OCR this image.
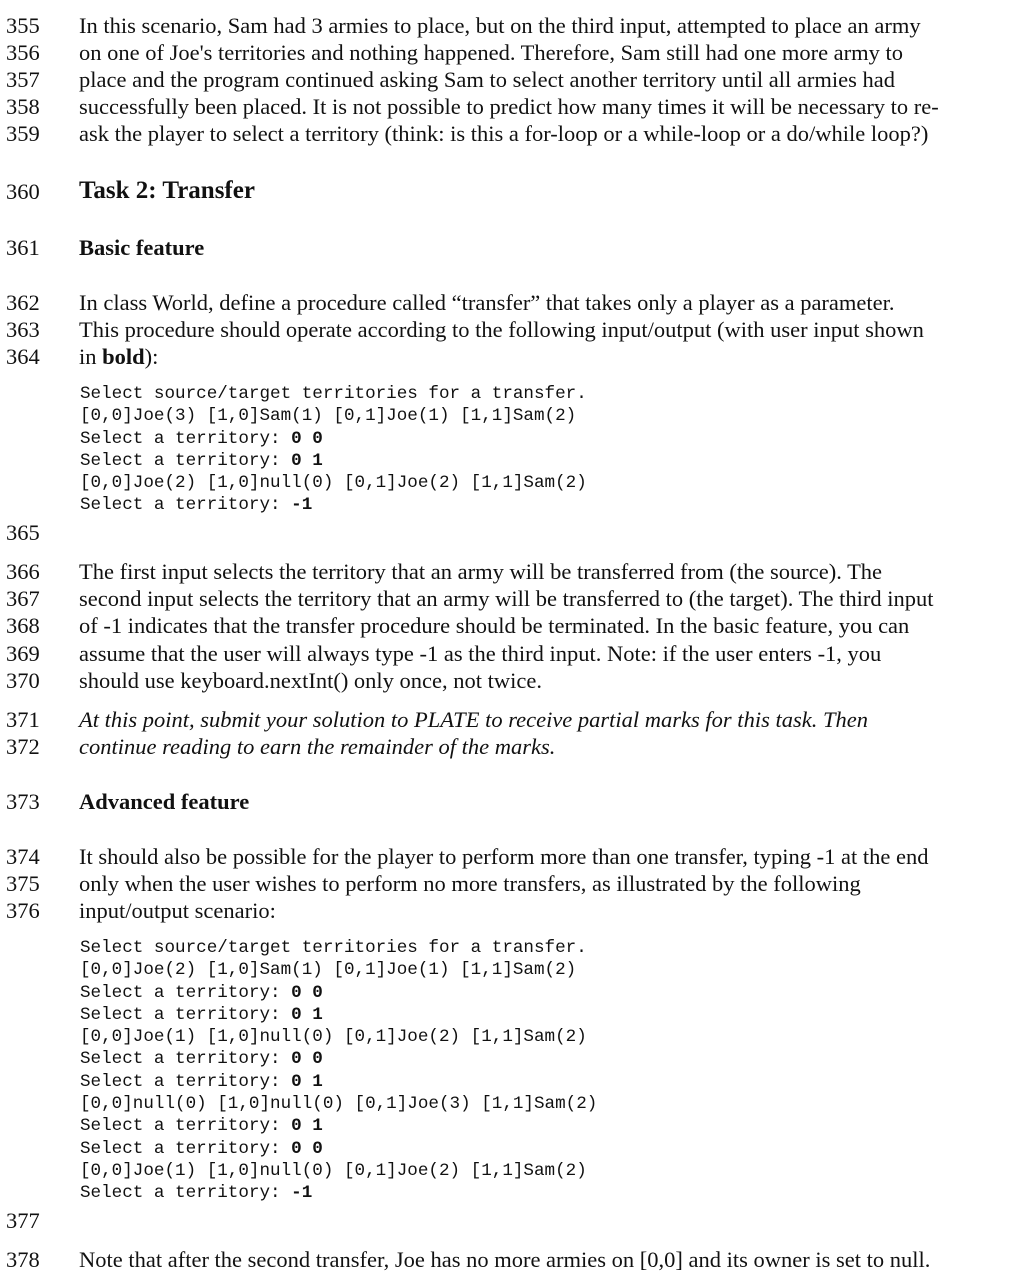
355 In this scenario, Sam had 3 armies to place, but on the third input, attempted to place an army
356 on one of Joe's territories and nothing happened. Therefore, Sam still had one more army to
357 place and the program continued asking Sam to select another territory until all armies had
358 successfully been placed. It is not possible to predict how many times it will be necessary to re-
359 ask the player to select a territory (think: is this a for-loop or a while-loop or a do/while loop?)
360 Task 2: Transfer
361 Basic feature
362 In class World, define a procedure called “transfer” that takes only a player as a parameter.
363 This procedure should operate according to the following input/output (with user input shown
364 in bold):
Select source/target territories for a transfer.
[0,0]Joe(3) [1,0]Sam(1) [0,1]Joe(1) [1,1]Sam(2)
Select a territory: 0 0
Select a territory: 0 1
[0,0]Joe(2) [1,0]null(0) [0,1]Joe(2) [1,1]Sam(2)
Select a territory: -1
365
366 The first input selects the territory that an army will be transferred from (the source). The
367 second input selects the territory that an army will be transferred to (the target). The third input
368 of -1 indicates that the transfer procedure should be terminated. In the basic feature, you can
369 assume that the user will always type -1 as the third input. Note: if the user enters -1, you
370 should use keyboard.nextInt() only once, not twice.
371 At this point, submit your solution to PLATE to receive partial marks for this task. Then
372 continue reading to earn the remainder of the marks.
373 Advanced feature
374 It should also be possible for the player to perform more than one transfer, typing -1 at the end
375 only when the user wishes to perform no more transfers, as illustrated by the following
376 input/output scenario:
Select source/target territories for a transfer.
[0,0]Joe(2) [1,0]Sam(1) [0,1]Joe(1) [1,1]Sam(2)
Select a territory: 0 0
Select a territory: 0 1
[0,0]Joe(1) [1,0]null(0) [0,1]Joe(2) [1,1]Sam(2)
Select a territory: 0 0
Select a territory: 0 1
[0,0]null(0) [1,0]null(0) [0,1]Joe(3) [1,1]Sam(2)
Select a territory: 0 1
Select a territory: 0 0
[0,0]Joe(1) [1,0]null(0) [0,1]Joe(2) [1,1]Sam(2)
Select a territory: -1
377
378 Note that after the second transfer, Joe has no more armies on [0,0] and its owner is set to null.
